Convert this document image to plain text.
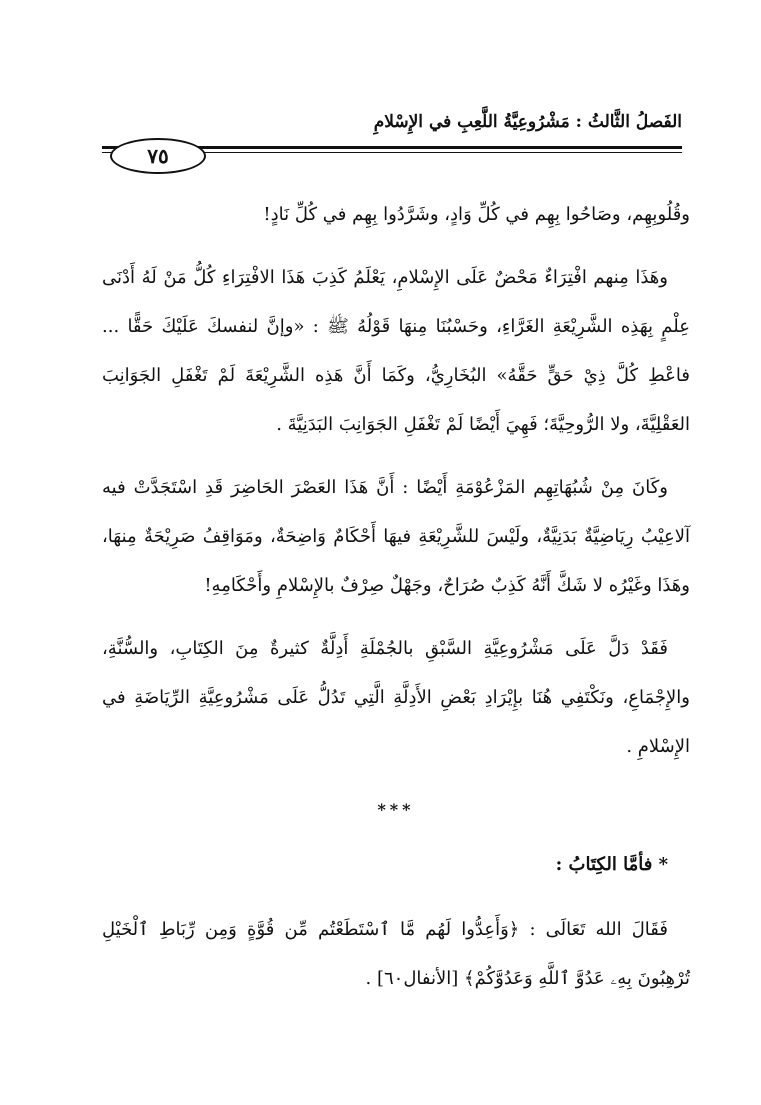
الفَصلُ الثَّالثُ : مَشْرُوعِيَّةُ اللَّعِبِ في الإِسْلامِ
٧٥

وقُلُوبِهِم، وصَاحُوا بِهِم في كُلِّ وَادٍ، وشَرَّدُوا بِهِم في كُلِّ نَادٍ!

وهَذَا مِنهم افْتِرَاءٌ مَحْضٌ عَلَى الإِسْلامِ، يَعْلَمُ كَذِبَ هَذَا الافْتِرَاءِ كُلُّ مَنْ لَهُ أَدْنَى عِلْمٍ بِهَذِه الشَّرِيْعَةِ الغَرَّاءِ، وحَسْبُنَا مِنهَا قَوْلُهُ ﷺ : «وإنَّ لنفسكَ عَلَيْكَ حَقًّا ... فاعْطِ كُلَّ ذِيْ حَقٍّ حَقَّهُ» البُخَارِيُّ، وكَمَا أَنَّ هَذِه الشَّرِيْعَةَ لَمْ تَغْفَلِ الجَوَانِبَ العَقْلِيَّةَ، ولا الرُّوحِيَّةَ؛ فَهِيَ أَيْضًا لَمْ تَغْفَلِ الجَوَانِبَ البَدَنِيَّةَ .

وكَانَ مِنْ شُبُهَاتِهِم المَزْعُوْمَةِ أَيْضًا : أَنَّ هَذَا العَصْرَ الحَاضِرَ قَدِ اسْتَجَدَّتْ فيه آلاعِيْبُ رِيَاضِيَّةٌ بَدَنِيَّةٌ، ولَيْسَ للشَّرِيْعَةِ فيهَا أَحْكَامٌ وَاضِحَةٌ، ومَوَاقِفُ صَرِيْحَةٌ مِنهَا، وهَذَا وغَيْرُه لا شَكَّ أَنَّهُ كَذِبٌ صُرَاحٌ، وجَهْلٌ صِرْفٌ بالإِسْلامِ وأَحْكَامِهِ!

فَقَدْ دَلَّ عَلَى مَشْرُوعِيَّةِ السَّبْقِ بالجُمْلَةِ أَدِلَّةٌ كثيرةٌ مِنَ الكِتَابِ، والسُّنَّةِ، والإِجْمَاعِ، ونَكْتَفِي هُنَا بإِيْرَادِ بَعْضِ الأَدِلَّةِ الَّتِي تَدُلُّ عَلَى مَشْرُوعِيَّةِ الرِّيَاضَةِ في الإِسْلامِ .

***
* فأمَّا الكِتَابُ :

فَقَالَ الله تَعَالَى : ﴿وَأَعِدُّوا لَهُم مَّا ٱسْتَطَعْتُم مِّن قُوَّةٍ وَمِن رِّبَاطِ ٱلْخَيْلِ تُرْهِبُونَ بِهِۦ عَدُوَّ ٱللَّهِ وَعَدُوَّكُمْ﴾ [الأنفال٦٠] .
